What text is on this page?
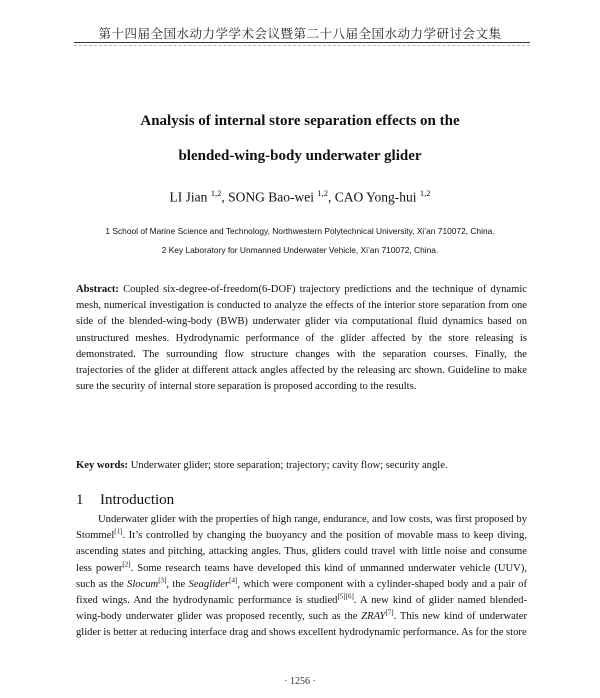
第十四届全国水动力学学术会议暨第二十八届全国水动力学研讨会文集
Analysis of internal store separation effects on the
blended-wing-body underwater glider
LI Jian $^{1,2}$, SONG Bao-wei $^{1,2}$, CAO Yong-hui $^{1,2}$
1 School of Marine Science and Technology, Northwestern Polytechnical University, Xi’an 710072, China.
2 Key Laboratory for Unmanned Underwater Vehicle, Xi’an 710072, China.

Abstract: Coupled six-degree-of-freedom(6-DOF) trajectory predictions and the technique of dynamic mesh, numerical investigation is conducted to analyze the effects of the interior store separation from one side of the blended-wing-body (BWB) underwater glider via computational fluid dynamics based on unstructured meshes. Hydrodynamic performance of the glider affected by the store releasing is demonstrated. The surrounding flow structure changes with the separation courses. Finally, the trajectories of the glider at different attack angles affected by the releasing arc shown. Guideline to make sure the security of internal store separation is proposed according to the results.

Key words: Underwater glider; store separation; trajectory; cavity flow; security angle.

1 Introduction

Underwater glider with the properties of high range, endurance, and low costs, was first proposed by Stommel[1]. It’s controlled by changing the buoyancy and the position of movable mass to keep diving, ascending states and pitching, attacking angles. Thus, gliders could travel with little noise and consume less power[2]. Some research teams have developed this kind of unmanned underwater vehicle (UUV), such as the Slocum[3], the Seaglider[4], which were component with a cylinder-shaped body and a pair of fixed wings. And the hydrodynamic performance is studied[5][6]. A new kind of glider named blended-wing-body underwater glider was proposed recently, such as the ZRAY[7]. This new kind of underwater glider is better at reducing interface drag and shows excellent hydrodynamic performance. As for the store

· 1256 ·
